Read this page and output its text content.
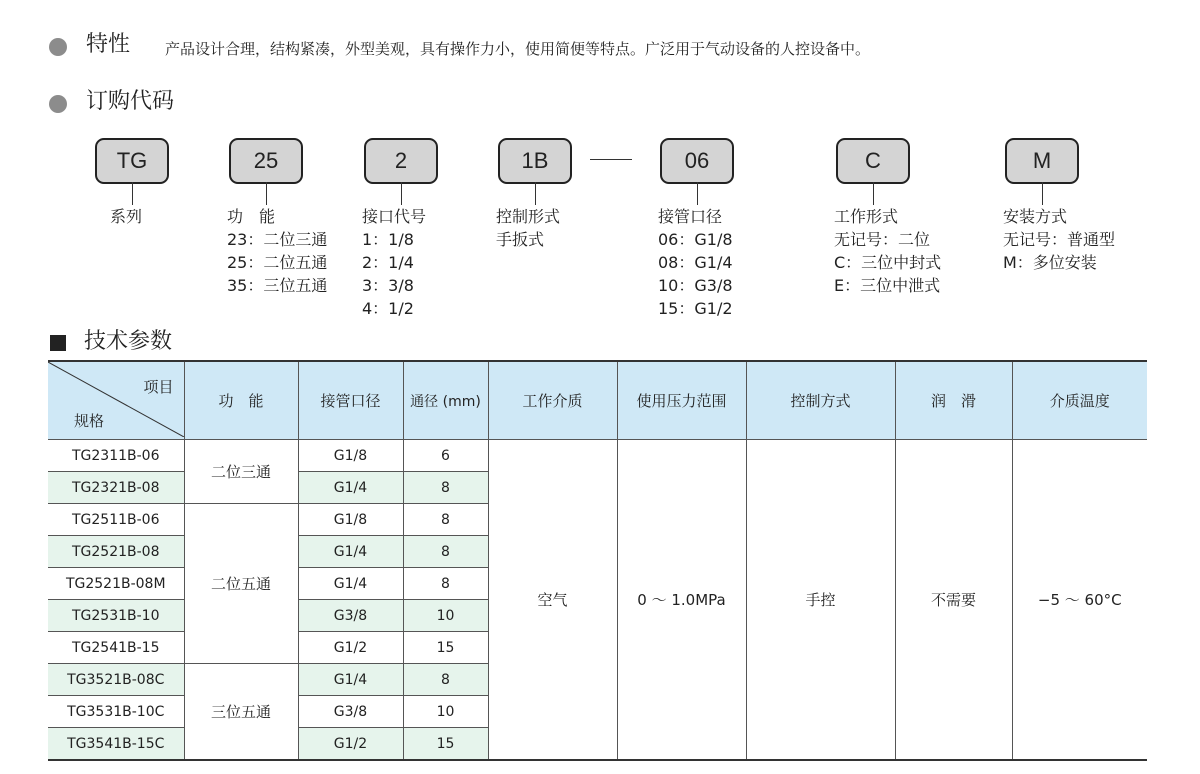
特性 产品设计合理，结构紧凑，外型美观，具有操作力小，使用简便等特点。广泛用于气动设备的人控设备中。
订购代码
TG
系列
25
功　能
23：二位三通
25：二位五通
35：三位五通
2
接口代号
1：1/8
2：1/4
3：3/8
4：1/2
1B
控制形式
手扳式
06
接管口径
06：G1/8
08：G1/4
10：G3/8
15：G1/2
C
工作形式
无记号：二位
C：三位中封式
E：三位中泄式
M
安装方式
无记号：普通型
M：多位安装
技术参数
项目
规格	功　能	接管口径	通径 (mm)	工作介质	使用压力范围	控制方式	润　滑	介质温度
TG2311B-06	二位三通	G1/8	6	空气	0 ～ 1.0MPa	手控	不需要	−5 ～ 60°C
TG2321B-08		G1/4	8					
TG2511B-06	二位五通	G1/8	8					
TG2521B-08		G1/4	8					
TG2521B-08M		G1/4	8					
TG2531B-10		G3/8	10					
TG2541B-15		G1/2	15					
TG3521B-08C	三位五通	G1/4	8					
TG3531B-10C		G3/8	10					
TG3541B-15C		G1/2	15					
